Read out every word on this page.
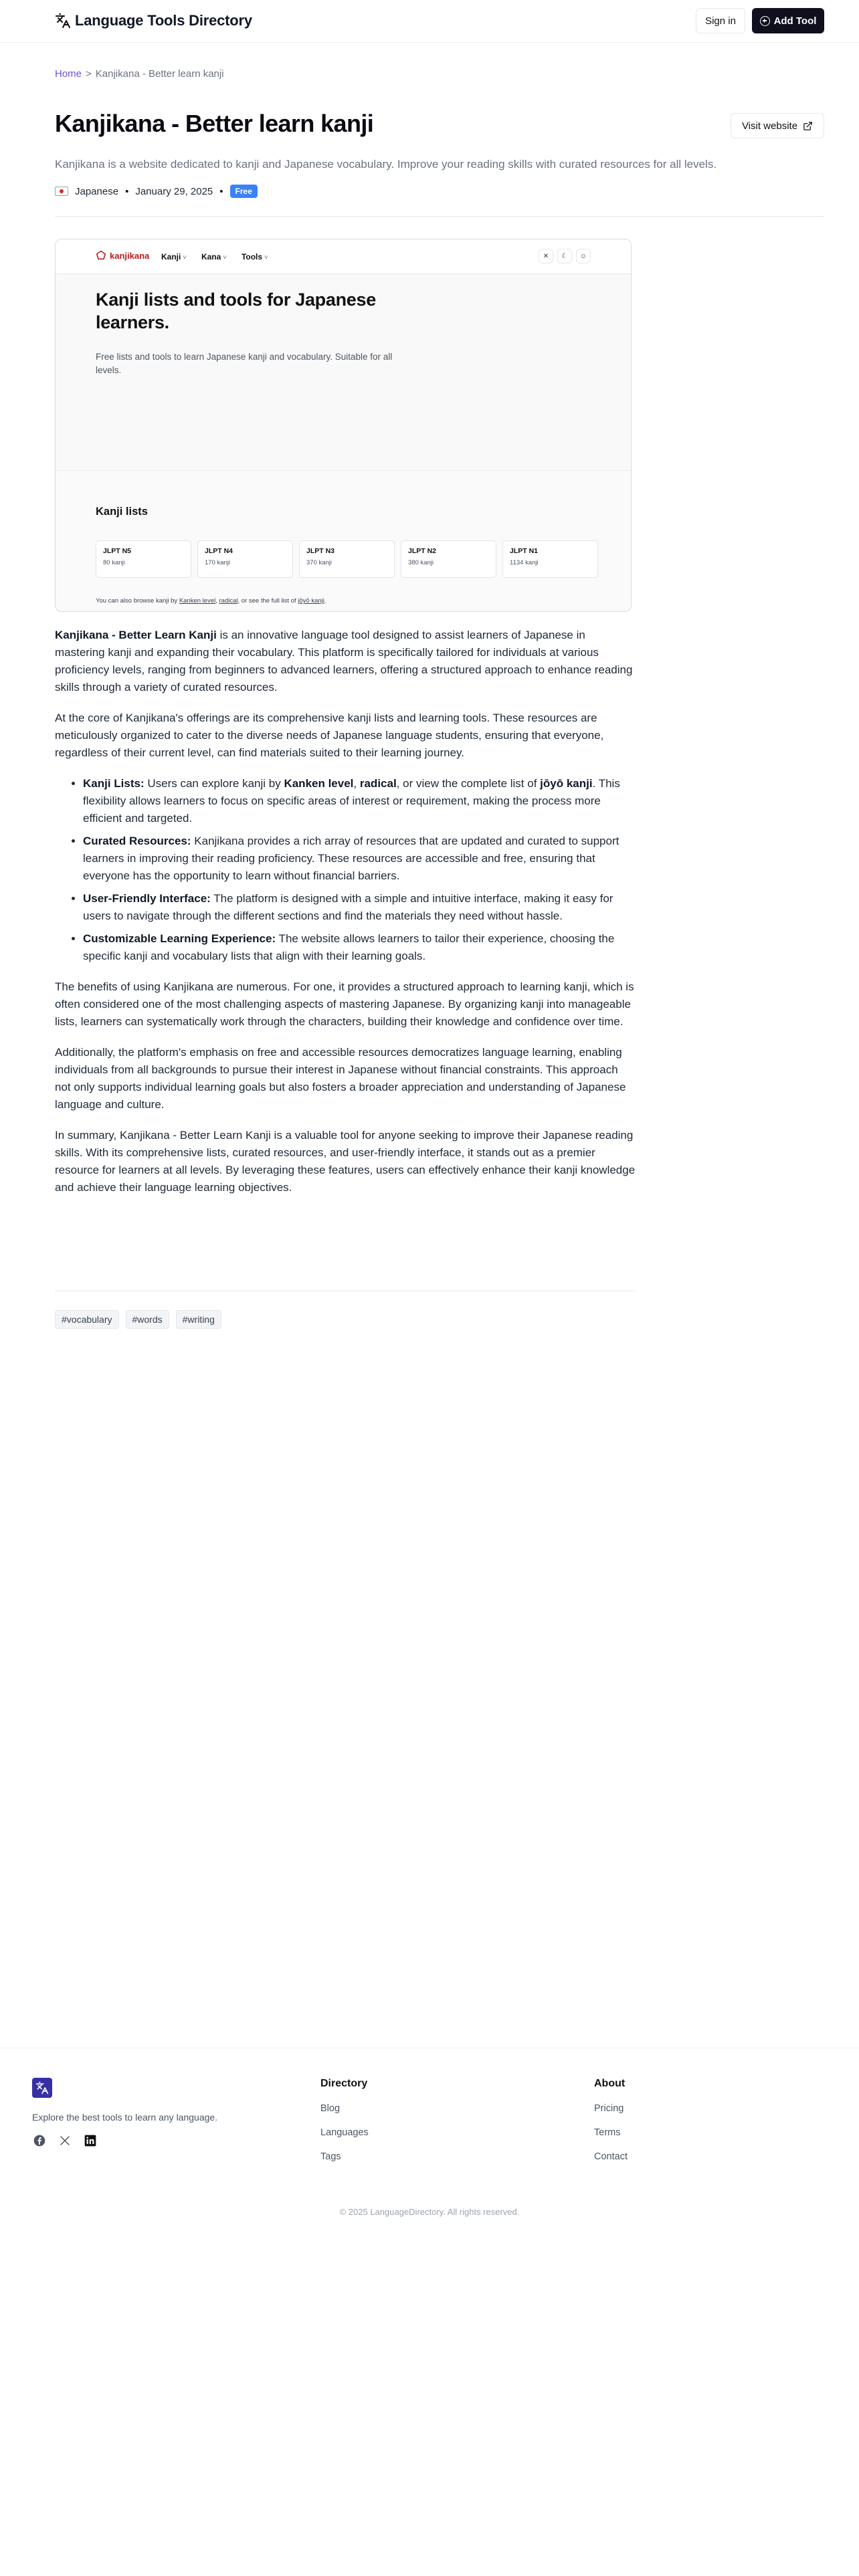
Language Tools Directory	Sign in	Add Tool
Home > Kanjikana - Better learn kanji
Kanjikana - Better learn kanji	Visit website

Kanjikana is a website dedicated to kanji and Japanese vocabulary. Improve your reading skills with curated resources for all levels.

Japanese • January 29, 2025 •	Free
kanjikana Kanji ˅	Kana ˅	Tools ˅	✕	☾	☺
Kanji lists and tools for Japanese learners.
Free lists and tools to learn Japanese kanji and vocabulary. Suitable for all levels.
Kanji lists
JLPT N5
80 kanji
JLPT N4
170 kanji
JLPT N3
370 kanji
JLPT N2
380 kanji
JLPT N1
1134 kanji
You can also browse kanji by Kanken level, radical, or see the full list of jōyō kanji.

Kanjikana - Better Learn Kanji is an innovative language tool designed to assist learners of Japanese in mastering kanji and expanding their vocabulary. This platform is specifically tailored for individuals at various proficiency levels, ranging from beginners to advanced learners, offering a structured approach to enhance reading skills through a variety of curated resources.

At the core of Kanjikana's offerings are its comprehensive kanji lists and learning tools. These resources are meticulously organized to cater to the diverse needs of Japanese language students, ensuring that everyone, regardless of their current level, can find materials suited to their learning journey.

• Kanji Lists: Users can explore kanji by Kanken level, radical, or view the complete list of jōyō kanji. This flexibility allows learners to focus on specific areas of interest or requirement, making the process more efficient and targeted.
• Curated Resources: Kanjikana provides a rich array of resources that are updated and curated to support learners in improving their reading proficiency. These resources are accessible and free, ensuring that everyone has the opportunity to learn without financial barriers.
• User-Friendly Interface: The platform is designed with a simple and intuitive interface, making it easy for users to navigate through the different sections and find the materials they need without hassle.
• Customizable Learning Experience: The website allows learners to tailor their experience, choosing the specific kanji and vocabulary lists that align with their learning goals.

The benefits of using Kanjikana are numerous. For one, it provides a structured approach to learning kanji, which is often considered one of the most challenging aspects of mastering Japanese. By organizing kanji into manageable lists, learners can systematically work through the characters, building their knowledge and confidence over time.

Additionally, the platform's emphasis on free and accessible resources democratizes language learning, enabling individuals from all backgrounds to pursue their interest in Japanese without financial constraints. This approach not only supports individual learning goals but also fosters a broader appreciation and understanding of Japanese language and culture.

In summary, Kanjikana - Better Learn Kanji is a valuable tool for anyone seeking to improve their Japanese reading skills. With its comprehensive lists, curated resources, and user-friendly interface, it stands out as a premier resource for learners at all levels. By leveraging these features, users can effectively enhance their kanji knowledge and achieve their language learning objectives.

#vocabulary	#words	#writing
Explore the best tools to learn any language.
Directory
Blog
Languages
Tags
About
Pricing
Terms
Contact
© 2025 LanguageDirectory. All rights reserved.
